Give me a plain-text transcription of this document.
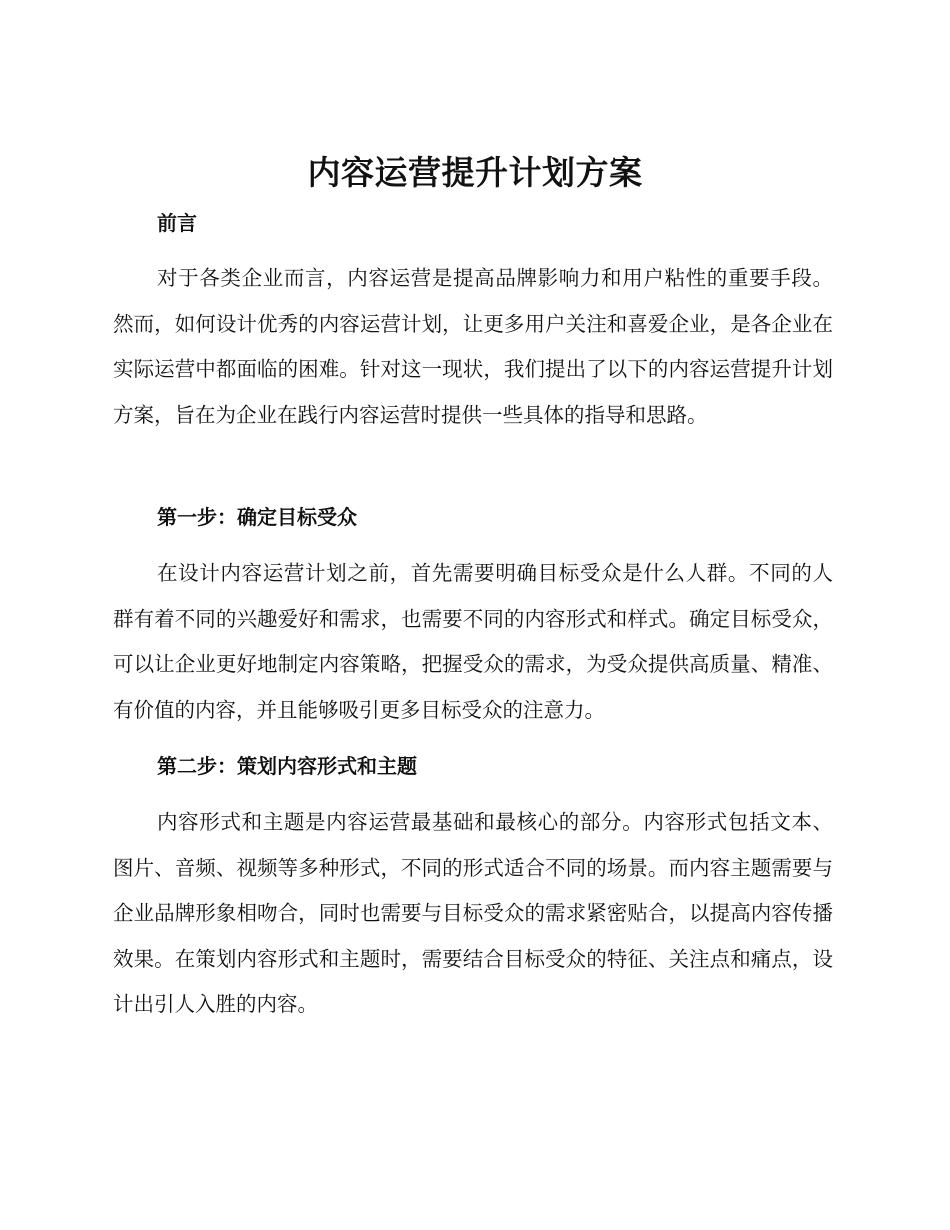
内容运营提升计划方案
前言

对于各类企业而言，内容运营是提高品牌影响力和用户粘性的重要手段。然而，如何设计优秀的内容运营计划，让更多用户关注和喜爱企业，是各企业在实际运营中都面临的困难。针对这一现状，我们提出了以下的内容运营提升计划方案，旨在为企业在践行内容运营时提供一些具体的指导和思路。

第一步：确定目标受众

在设计内容运营计划之前，首先需要明确目标受众是什么人群。不同的人群有着不同的兴趣爱好和需求，也需要不同的内容形式和样式。确定目标受众，可以让企业更好地制定内容策略，把握受众的需求，为受众提供高质量、精准、有价值的内容，并且能够吸引更多目标受众的注意力。

第二步：策划内容形式和主题

内容形式和主题是内容运营最基础和最核心的部分。内容形式包括文本、图片、音频、视频等多种形式，不同的形式适合不同的场景。而内容主题需要与企业品牌形象相吻合，同时也需要与目标受众的需求紧密贴合，以提高内容传播效果。在策划内容形式和主题时，需要结合目标受众的特征、关注点和痛点，设计出引人入胜的内容。
